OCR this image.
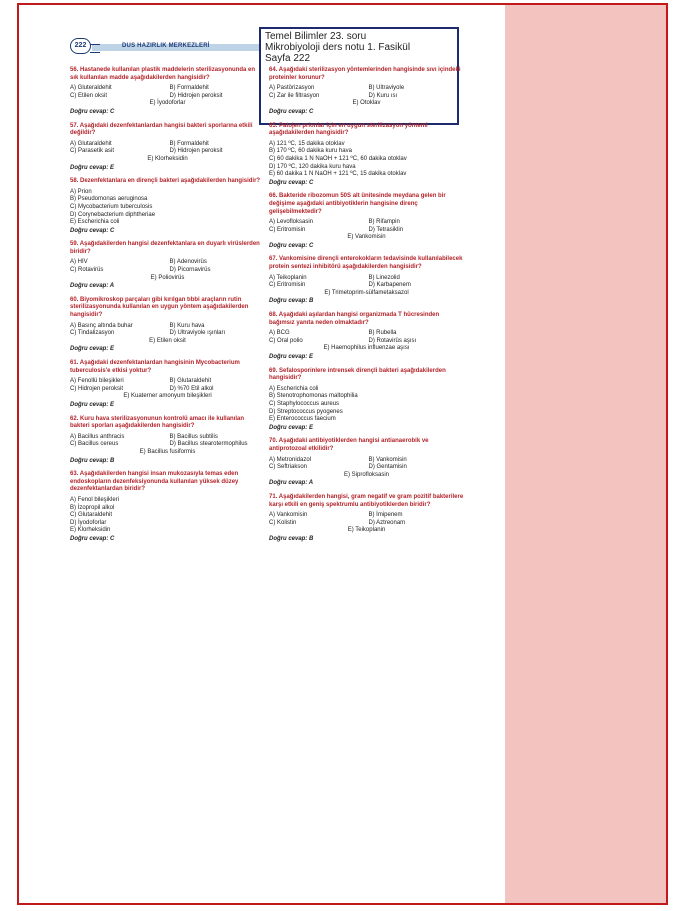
222	DUS HAZIRLIK MERKEZLERİ
Temel Bilimler 23. soru
Mikrobiyoloji ders notu 1. Fasikül
Sayfa 222
56. Hastanede kullanılan plastik maddelerin sterilizasyonunda en sık kullanılan madde aşağıdakilerden hangisidir?
A) Gluteraldehit	B) Formaldehit
C) Etilen oksit	D) Hidrojen peroksit
E) İyodoforlar
Doğru cevap: C
57. Aşağıdaki dezenfektanlardan hangisi bakteri sporlarına etkili değildir?
A) Glutaraldehit	B) Formaldehit
C) Parasetik asit	D) Hidrojen peroksit
E) Klorheksidin
Doğru cevap: E
58. Dezenfektanlara en dirençli bakteri aşağıdakilerden hangisidir?
A) Prion
B) Pseudomonas aeruginosa
C) Mycobacterium tuberculosis
D) Corynebacterium diphtheriae
E) Escherichia coli
Doğru cevap: C
59. Aşağıdakilerden hangisi dezenfektanlara en duyarlı virüslerden biridir?
A) HIV	B) Adenovirüs
C) Rotavirüs	D) Picornavirüs
E) Poliovirüs
Doğru cevap: A
60. Biyomikroskop parçaları gibi kırılgan tıbbi araçların rutin sterilizasyonunda kullanılan en uygun yöntem aşağıdakilerden hangisidir?
A) Basınç altında buhar	B) Kuru hava
C) Tindalizasyon	D) Ultraviyole ışınları
E) Etilen oksit
Doğru cevap: E
61. Aşağıdaki dezenfektanlardan hangisinin Mycobacterium tuberculosis'e etkisi yoktur?
A) Fenollü bileşikleri	B) Glutaraldehit
C) Hidrojen peroksit	D) %70 Etil alkol
E) Kuaterner amonyum bileşikleri
Doğru cevap: E
62. Kuru hava sterilizasyonunun kontrolü amacı ile kullanılan bakteri sporları aşağıdakilerden hangisidir?
A) Bacillus anthracis	B) Bacillus subtilis
C) Bacillus cereus	D) Bacillus stearotermophilus
E) Bacillus fusiformis
Doğru cevap: B
63. Aşağıdakilerden hangisi insan mukozasıyla temas eden endoskopların dezenfeksiyonunda kullanılan yüksek düzey dezenfektanlardan biridir?
A) Fenol bileşikleri
B) İzopropil alkol
C) Glutaraldehit
D) İyodoforlar
E) Klorheksidin
Doğru cevap: C
64. Aşağıdaki sterilizasyon yöntemlerinden hangisinde sıvı içindeki proteinler korunur?
A) Pastörizasyon	B) Ultraviyole
C) Zar ile filtrasyon	D) Kuru ısı
E) Otoklav
Doğru cevap: C
65. Patojen prionlar için en uygun sterilizasyon yöntemi aşağıdakilerden hangisidir?
A) 121 ºC, 15 dakika otoklav
B) 170 ºC, 60 dakika kuru hava
C) 60 dakika 1 N NaOH + 121 ºC, 60 dakika otoklav
D) 170 ºC, 120 dakika kuru hava
E) 60 dakika 1 N NaOH + 121 ºC, 15 dakika otoklav
Doğru cevap: C
66. Bakteride ribozomun 50S alt ünitesinde meydana gelen bir değişime aşağıdaki antibiyotiklerin hangisine direnç gelişebilmektedir?
A) Levofloksasin	B) Rifampin
C) Eritromisin	D) Tetrasiklin
E) Vankomisin
Doğru cevap: C
67. Vankomisine dirençli enterokokların tedavisinde kullanılabilecek protein sentezi inhibitörü aşağıdakilerden hangisidir?
A) Teikoplanin	B) Linezolid
C) Eritromisin	D) Karbapenem
E) Trimetoprim-sülfametaksazol
Doğru cevap: B
68. Aşağıdaki aşılardan hangisi organizmada T hücresinden bağımsız yanıta neden olmaktadır?
A) BCG	B) Rubella
C) Oral polio	D) Rotavirüs aşısı
E) Haemophilus influenzae aşısı
Doğru cevap: E
69. Sefalosporinlere intrensek dirençli bakteri aşağıdakilerden hangisidir?
A) Escherichia coli
B) Stenotrophomonas maltophilia
C) Staphylococcus aureus
D) Streptococcus pyogenes
E) Enterococcus faecium
Doğru cevap: E
70. Aşağıdaki antibiyotiklerden hangisi antianaerobik ve antiprotozoal etkilidir?
A) Metronidazol	B) Vankomisin
C) Seftriakson	D) Gentamisin
E) Siprofloksasin
Doğru cevap: A
71. Aşağıdakilerden hangisi, gram negatif ve gram pozitif bakterilere karşı etkili en geniş spektrumlu antibiyotiklerden biridir?
A) Vankomisin	B) İmipenem
C) Kolistin	D) Aztreonam
E) Teikoplanin
Doğru cevap: B
